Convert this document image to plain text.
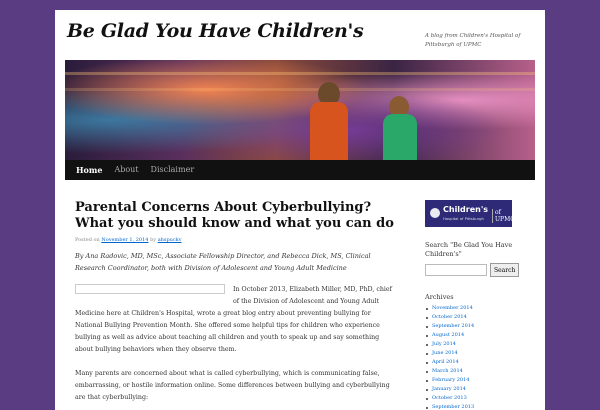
Be Glad You Have Children's	A blog from Children's Hospital of Pittsburgh of UPMC
Home	About	Disclaimer
Parental Concerns About Cyberbullying? What you should know and what you can do
Posted on November 1, 2014 by ahspuckv
By Ana Radovic, MD, MSc, Associate Fellowship Director, and Rebecca Dick, MS, Clinical Research Coordinator, both with Division of Adolescent and Young Adult Medicine

In October 2013, Elizabeth Miller, MD, PhD, chief of the Division of Adolescent and Young Adult Medicine here at Children's Hospital, wrote a great blog entry about preventing bullying for National Bullying Prevention Month. She offered some helpful tips for children who experience bullying as well as advice about teaching all children and youth to speak up and say something about bullying behaviors when they observe them.

Many parents are concerned about what is called cyberbullying, which is communicating false, embarrassing, or hostile information online. Some differences between bullying and cyberbullying are that cyberbullying:

Children's
Hospital of Pittsburgh
of UPMC
Search "Be Glad You Have Children's"
Search
Archives
November 2014
October 2014
September 2014
August 2014
July 2014
June 2014
April 2014
March 2014
February 2014
January 2014
October 2013
September 2013
